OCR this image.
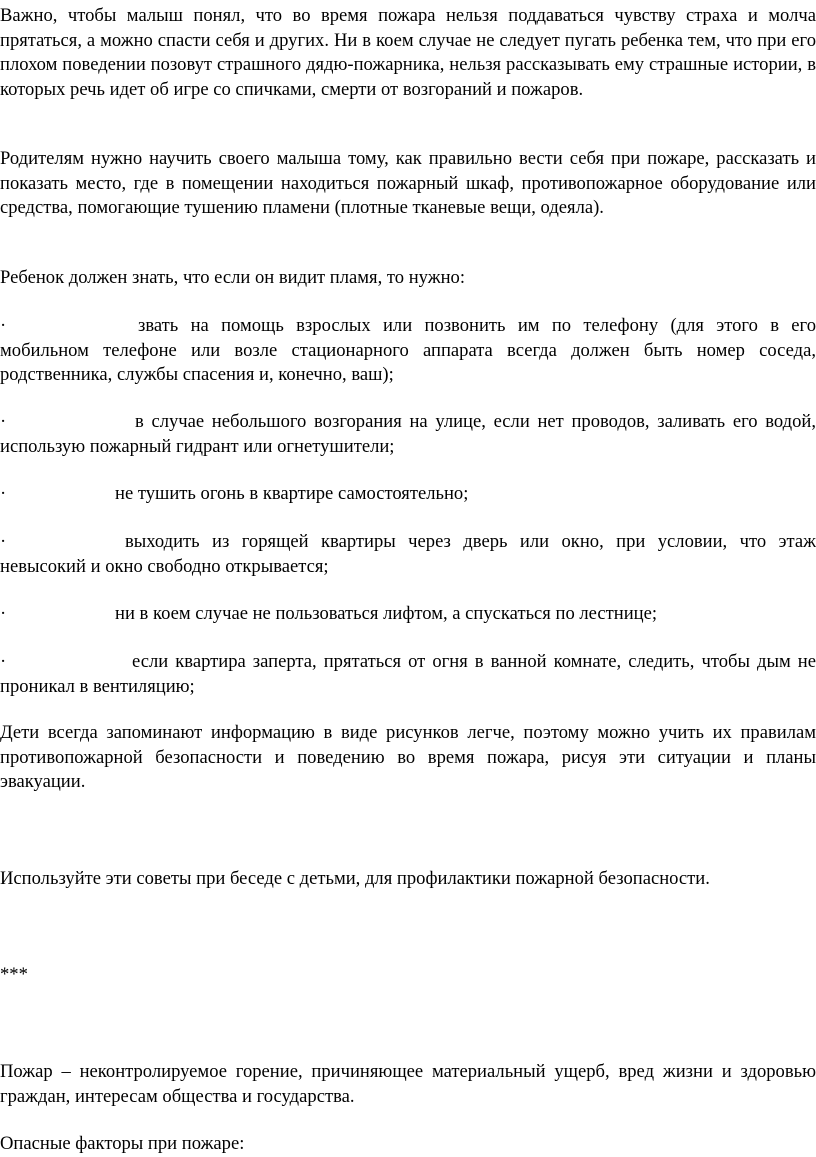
Важно, чтобы малыш понял, что во время пожара нельзя поддаваться чувству страха и молча прятаться, а можно спасти себя и других. Ни в коем случае не следует пугать ребенка тем, что при его плохом поведении позовут страшного дядю-пожарника, нельзя рассказывать ему страшные истории, в которых речь идет об игре со спичками, смерти от возгораний и пожаров.

Родителям нужно научить своего малыша тому, как правильно вести себя при пожаре, рассказать и показать место, где в помещении находиться пожарный шкаф, противопожарное оборудование или средства, помогающие тушению пламени (плотные тканевые вещи, одеяла).

Ребенок должен знать, что если он видит пламя, то нужно:

·	звать на помощь взрослых или позвонить им по телефону (для этого в его мобильном телефоне или возле стационарного аппарата всегда должен быть номер соседа, родственника, службы спасения и, конечно, ваш);

·	в случае небольшого возгорания на улице, если нет проводов, заливать его водой, использую пожарный гидрант или огнетушители;

·	не тушить огонь в квартире самостоятельно;

·	выходить из горящей квартиры через дверь или окно, при условии, что этаж невысокий и окно свободно открывается;

·	ни в коем случае не пользоваться лифтом, а спускаться по лестнице;

·	если квартира заперта, прятаться от огня в ванной комнате, следить, чтобы дым не проникал в вентиляцию;

Дети всегда запоминают информацию в виде рисунков легче, поэтому можно учить их правилам противопожарной безопасности и поведению во время пожара, рисуя эти ситуации и планы эвакуации.

Используйте эти советы при беседе с детьми, для профилактики пожарной безопасности.

***

Пожар – неконтролируемое горение, причиняющее материальный ущерб, вред жизни и здоровью граждан, интересам общества и государства.

Опасные факторы при пожаре:
